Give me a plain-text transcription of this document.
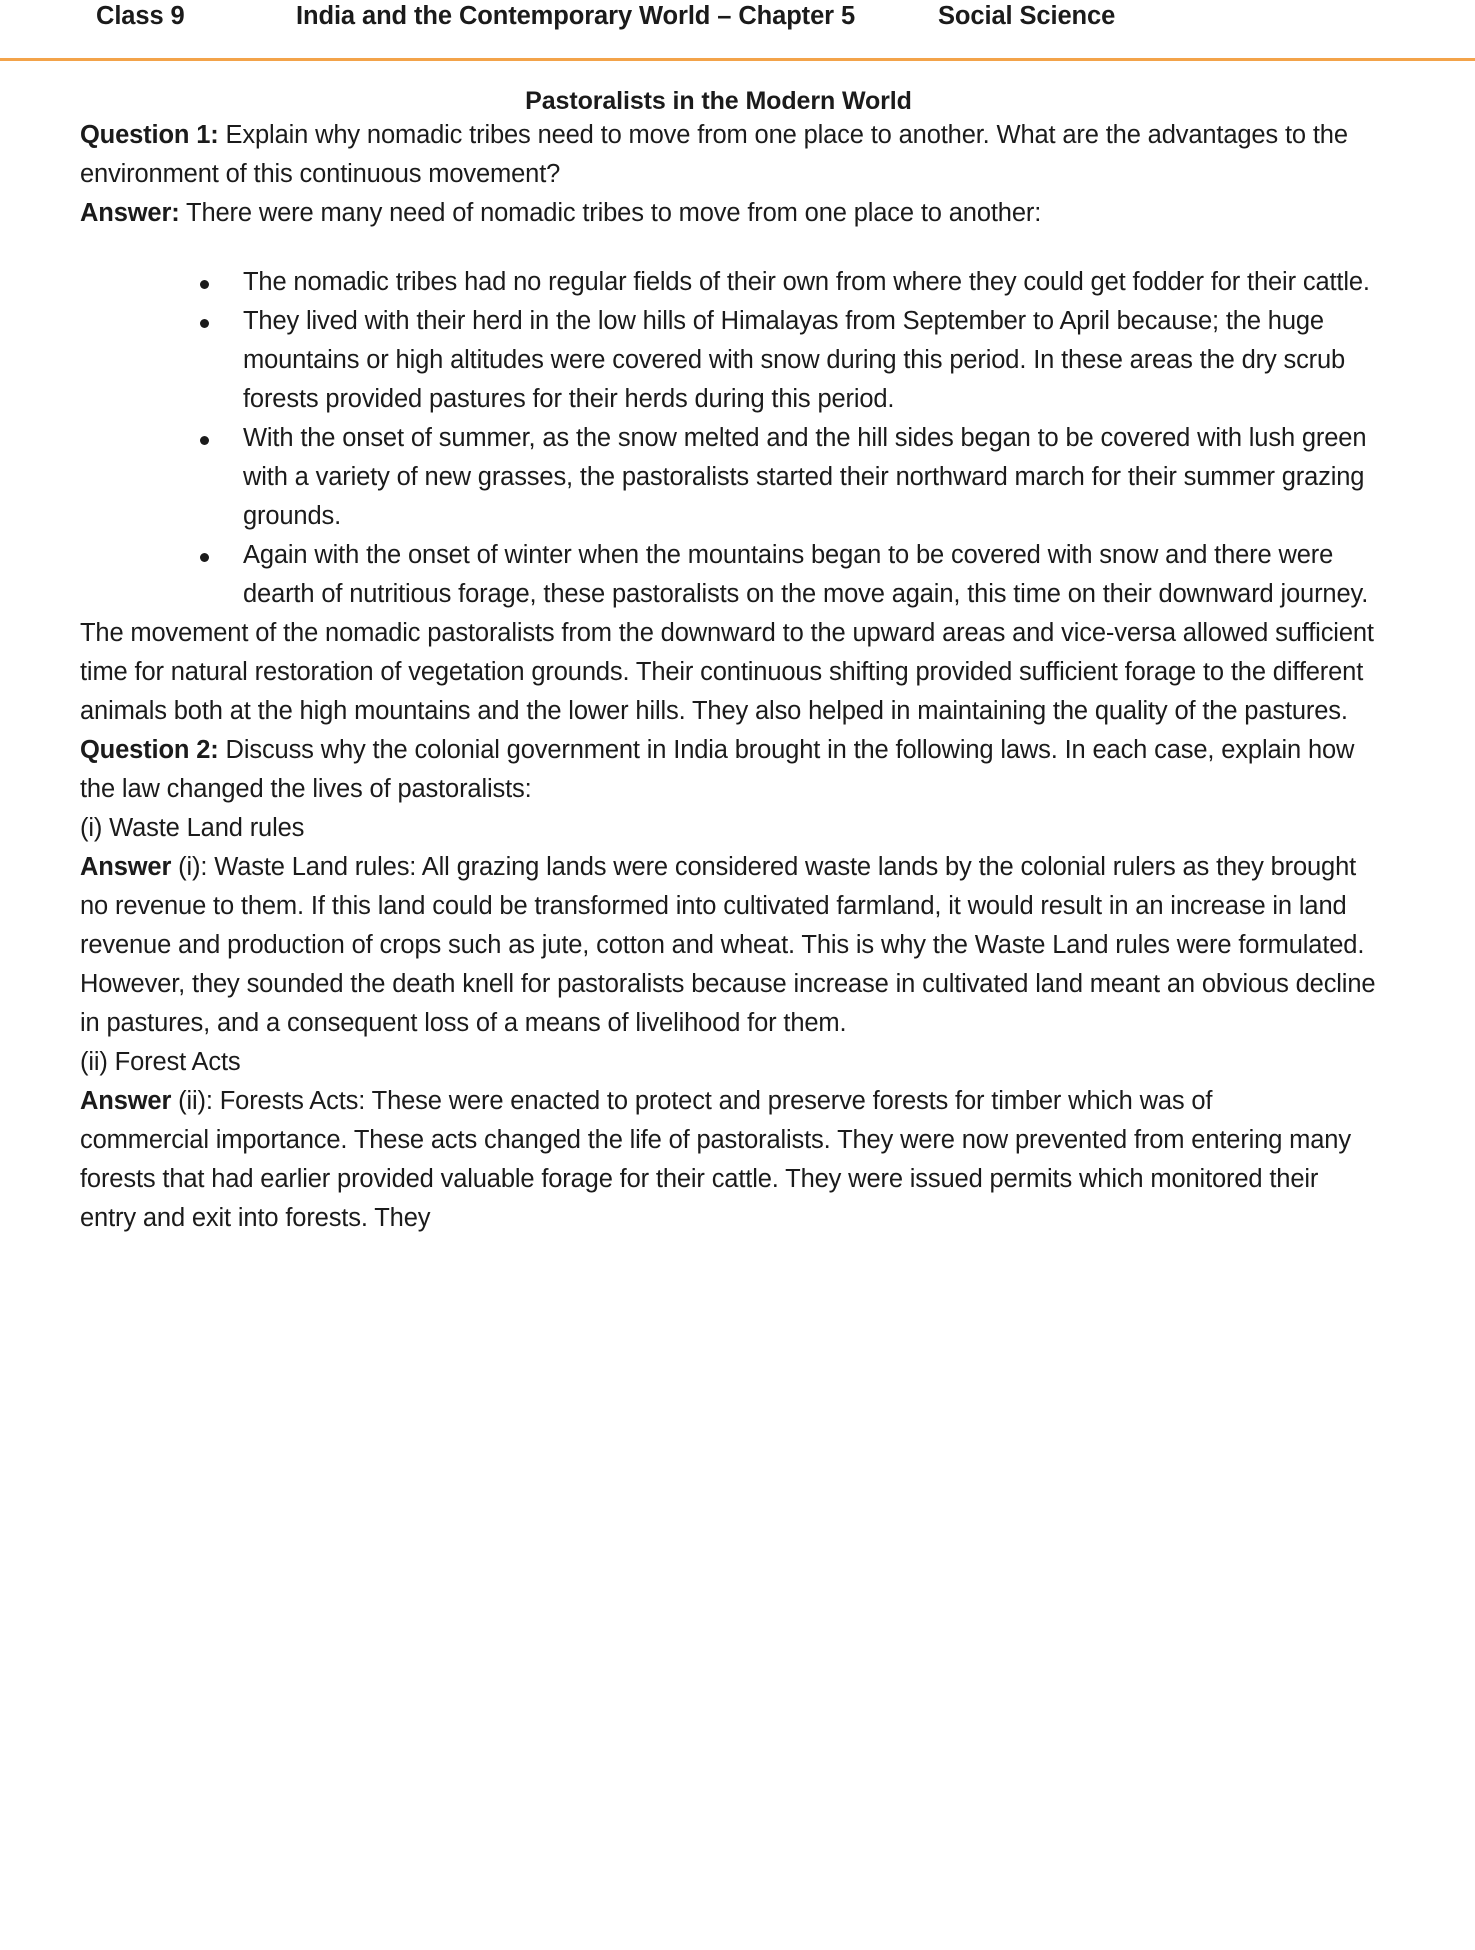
Class 9	India and the Contemporary World – Chapter 5	Social Science
Pastoralists in the Modern World

Question 1: Explain why nomadic tribes need to move from one place to another. What are the advantages to the environment of this continuous movement?

Answer: There were many need of nomadic tribes to move from one place to another:

The nomadic tribes had no regular fields of their own from where they could get fodder for their cattle.
They lived with their herd in the low hills of Himalayas from September to April because; the huge mountains or high altitudes were covered with snow during this period. In these areas the dry scrub forests provided pastures for their herds during this period.
With the onset of summer, as the snow melted and the hill sides began to be covered with lush green with a variety of new grasses, the pastoralists started their northward march for their summer grazing grounds.
Again with the onset of winter when the mountains began to be covered with snow and there were dearth of nutritious forage, these pastoralists on the move again, this time on their downward journey.

The movement of the nomadic pastoralists from the downward to the upward areas and vice-versa allowed sufficient time for natural restoration of vegetation grounds. Their continuous shifting provided sufficient forage to the different animals both at the high mountains and the lower hills. They also helped in maintaining the quality of the pastures.

Question 2: Discuss why the colonial government in India brought in the following laws. In each case, explain how the law changed the lives of pastoralists:

(i) Waste Land rules

Answer (i): Waste Land rules: All grazing lands were considered waste lands by the colonial rulers as they brought no revenue to them. If this land could be transformed into cultivated farmland, it would result in an increase in land revenue and production of crops such as jute, cotton and wheat. This is why the Waste Land rules were formulated. However, they sounded the death knell for pastoralists because increase in cultivated land meant an obvious decline in pastures, and a consequent loss of a means of livelihood for them.

(ii) Forest Acts

Answer (ii): Forests Acts: These were enacted to protect and preserve forests for timber which was of
commercial importance. These acts changed the life of pastoralists. They were now prevented from entering many forests that had earlier provided valuable forage for their cattle. They were issued permits which monitored their entry and exit into forests. They
